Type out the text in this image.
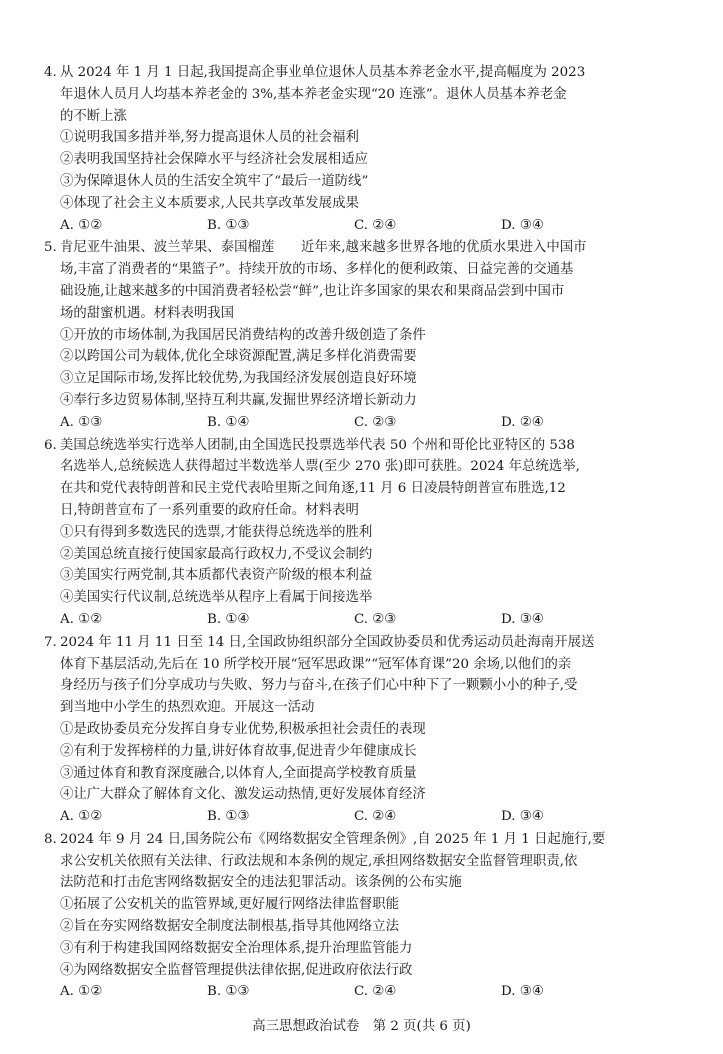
4. 从 2024 年 1 月 1 日起,我国提高企事业单位退休人员基本养老金水平,提高幅度为 2023
年退休人员月人均基本养老金的 3%,基本养老金实现“20 连涨”。退休人员基本养老金
的不断上涨
①说明我国多措并举,努力提高退休人员的社会福利
②表明我国坚持社会保障水平与经济社会发展相适应
③为保障退休人员的生活安全筑牢了“最后一道防线”
④体现了社会主义本质要求,人民共享改革发展成果
A. ①②	B. ①③	C. ②④	D. ③④
5. 肯尼亚牛油果、波兰苹果、泰国榴莲　　近年来,越来越多世界各地的优质水果进入中国市
场,丰富了消费者的“果篮子”。持续开放的市场、多样化的便利政策、日益完善的交通基
础设施,让越来越多的中国消费者轻松尝“鲜”,也让许多国家的果农和果商品尝到中国市
场的甜蜜机遇。材料表明我国
①开放的市场体制,为我国居民消费结构的改善升级创造了条件
②以跨国公司为载体,优化全球资源配置,满足多样化消费需要
③立足国际市场,发挥比较优势,为我国经济发展创造良好环境
④奉行多边贸易体制,坚持互利共赢,发掘世界经济增长新动力
A. ①③	B. ①④	C. ②③	D. ②④
6. 美国总统选举实行选举人团制,由全国选民投票选举代表 50 个州和哥伦比亚特区的 538
名选举人,总统候选人获得超过半数选举人票(至少 270 张)即可获胜。2024 年总统选举,
在共和党代表特朗普和民主党代表哈里斯之间角逐,11 月 6 日凌晨特朗普宣布胜选,12
日,特朗普宣布了一系列重要的政府任命。材料表明
①只有得到多数选民的选票,才能获得总统选举的胜利
②美国总统直接行使国家最高行政权力,不受议会制约
③美国实行两党制,其本质都代表资产阶级的根本利益
④美国实行代议制,总统选举从程序上看属于间接选举
A. ①②	B. ①④	C. ②③	D. ③④
7. 2024 年 11 月 11 日至 14 日,全国政协组织部分全国政协委员和优秀运动员赴海南开展送
体育下基层活动,先后在 10 所学校开展“冠军思政课”“冠军体育课”20 余场,以他们的亲
身经历与孩子们分享成功与失败、努力与奋斗,在孩子们心中种下了一颗颗小小的种子,受
到当地中小学生的热烈欢迎。开展这一活动
①是政协委员充分发挥自身专业优势,积极承担社会责任的表现
②有利于发挥榜样的力量,讲好体育故事,促进青少年健康成长
③通过体育和教育深度融合,以体育人,全面提高学校教育质量
④让广大群众了解体育文化、激发运动热情,更好发展体育经济
A. ①②	B. ①③	C. ②④	D. ③④
8. 2024 年 9 月 24 日,国务院公布《网络数据安全管理条例》,自 2025 年 1 月 1 日起施行,要
求公安机关依照有关法律、行政法规和本条例的规定,承担网络数据安全监督管理职责,依
法防范和打击危害网络数据安全的违法犯罪活动。该条例的公布实施
①拓展了公安机关的监管界域,更好履行网络法律监督职能
②旨在夯实网络数据安全制度法制根基,指导其他网络立法
③有利于构建我国网络数据安全治理体系,提升治理监管能力
④为网络数据安全监督管理提供法律依据,促进政府依法行政
A. ①②	B. ①③	C. ②④	D. ③④
高三思想政治试卷　第 2 页(共 6 页)
